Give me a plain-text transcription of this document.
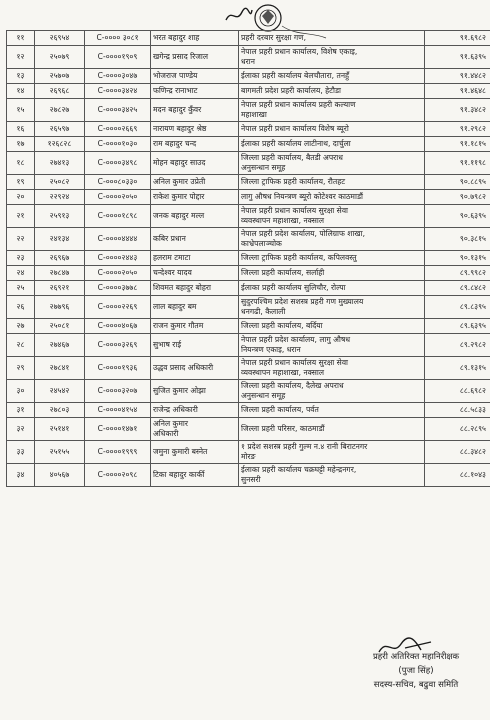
११	२६९५४	C-०००० ३०८१	भरत बहादुर शाह	प्रहरी दरबार सुरक्षा गण,	९१.६९८२
१२	२५०७९	C-००००१९०९	खगेन्द्र प्रसाद रिजाल	नेपाल प्रहरी प्रधान कार्यालय, विशेष एकाइ,
धरान	९१.६३९५
१३	२५७०७	C-००००३०४७	भोजराज पाण्डेय	ईलाका प्रहरी कार्यालय बेलचौतारा, तनहुँ	९१.४४८२
१४	२६९६८	C-००००३४२४	फणिन्द्र रानाभाट	बागमती प्रदेश प्रहरी कार्यालय, हेटौडा	९१.४६४८
१५	२७८२७	C-००००३४२५	मदन बहादुर कुँवर	नेपाल प्रहरी प्रधान कार्यालय प्रहरी कल्याण
महाशाखा	९१.३४८२
१६	२६५९७	C-००००२६६९	नारायण बहादुर श्रेष्ठ	नेपाल प्रहरी प्रधान कार्यालय विशेष ब्यूरो	९१.२९८२
१७	१२६८२८	C-००००१०३०	राम बहादुर चन्द	ईलाका प्रहरी कार्यालय लाटीनाथ, दार्चुला	९१.१८१५
१८	२७४१३	C-००००३४९८	मोहन बहादुर साउद	जिल्ला प्रहरी कार्यालय, बैतडी अपराध
अनुसन्धान समूह	९१.११९८
१९	२५०८२	C-०००८०३३०	अनिल कुमार उप्रेती	जिल्ला ट्राफिक प्रहरी कार्यालय, रौतहट	९०.८८९५
२०	२२९२४	C-००००२०५०	राकेश कुमार पोद्दार	लागु औषध नियन्त्रण ब्यूरो कोटेश्वर काठमाडौं	९०.७९८२
२१	२५९१३	C-००००१८९८	जनक बहादुर मल्ल	नेपाल प्रहरी प्रधान कार्यालय सुरक्षा सेवा
व्यवस्थापन महाशाखा, नक्साल	९०.६३९५
२२	२४१३४	C-००००४४४४	कबिर प्रधान	नेपाल प्रहरी प्रदेश कार्यालय, पोलिग्राफ शाखा,
काभ्रेपलाञ्चोक	९०.३८१५
२३	२६९६७	C-००००२४४३	हलराम टमाटा	जिल्ला ट्राफिक प्रहरी कार्यालय, कपिलवस्तु	९०.१३१५
२४	२७८४७	C-००००२०५०	चन्देश्वर यादव	जिल्ला प्रहरी कार्यालय, सर्लाही	८९.९९८२
२५	२६९२१	C-००००३७७८	शिवमत बहादुर बोहरा	ईलाका प्रहरी कार्यालय सुलिचौर, रोल्पा	८९.८४८२
२६	२७७९६	C-००००२२६९	लाल बहादुर बम	सुदुरपश्चिम प्रदेश सशस्त्र प्रहरी गण मुख्यालय
धनगढी, कैलाली	८९.८३९५
२७	२५०८१	C-००००४०६७	राजन कुमार गौतम	जिल्ला प्रहरी कार्यालय, बर्दिया	८९.६३९५
२८	२७४६७	C-००००३२६९	सुभाष राई	नेपाल प्रहरी प्रदेश कार्यालय, लागु औषध
नियन्त्रण एकाइ, धरान	८९.२९८२
२९	२७८४१	C-००००१९३६	उद्धव प्रसाद अधिकारी	नेपाल प्रहरी प्रधान कार्यालय सुरक्षा सेवा
व्यवस्थापन महाशाखा, नक्साल	८९.१३१५
३०	२४५४२	C-००००३२०७	सुजित कुमार ओझा	जिल्ला प्रहरी कार्यालय, दैलेख अपराध
अनुसन्धान समूह	८८.६९८२
३१	२७८०३	C-००००४१५४	राजेन्द्र अधिकारी	जिल्ला प्रहरी कार्यालय, पर्वत	८८.५८३३
३२	२५१४१	C-००००१४७१	अनिल कुमार
अधिकारी	जिल्ला प्रहरी परिसर, काठमाडौं	८८.२८९५
३३	२५१५५	C-००००१९९९	जमुना कुमारी बस्नेत	१ प्रदेश सशस्त्र प्रहरी गुल्म न.४ रानी बिराटनगर
मोरङ	८८.३४८२
३४	४०५६७	C-००००२०९८	टिका बहादुर कार्की	ईलाका प्रहरी कार्यालय चक्रघट्टी महेन्द्रनगर,
सुनसरी	८८.१०४३
प्रहरी अतिरिक्त महानिरीक्षक
(पुजा सिंह)
सदस्य-सचिव, बढुवा समिति
